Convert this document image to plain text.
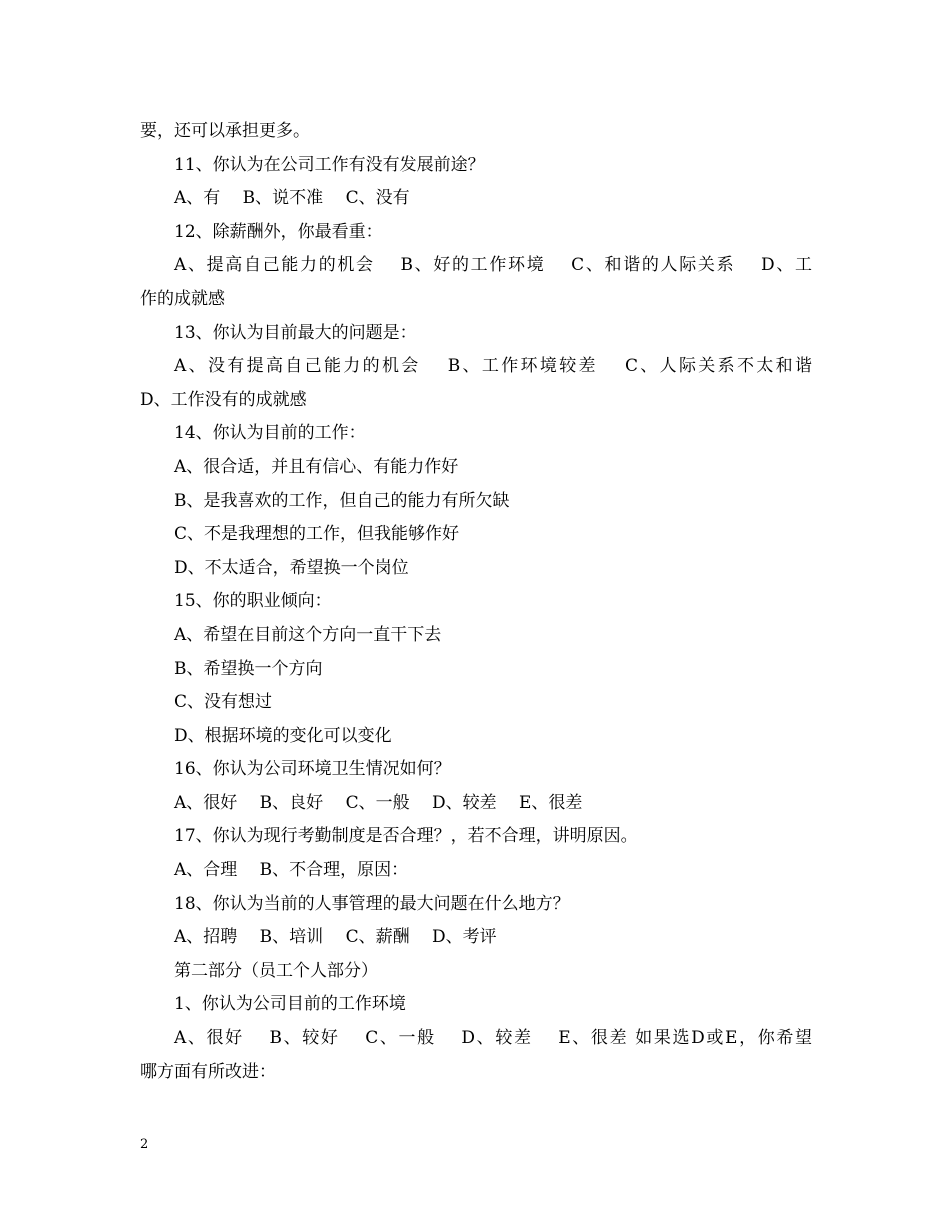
要，还可以承担更多。
11、你认为在公司工作有没有发展前途？
A、有　 B、说不准　 C、没有
12、除薪酬外，你最看重：
A、提高自己能力的机会　 B、好的工作环境　 C、和谐的人际关系　 D、工
作的成就感
13、你认为目前最大的问题是：
A、没有提高自己能力的机会　 B、工作环境较差　 C、人际关系不太和谐
D、工作没有的成就感
14、你认为目前的工作：
A、很合适，并且有信心、有能力作好
B、是我喜欢的工作，但自己的能力有所欠缺
C、不是我理想的工作，但我能够作好
D、不太适合，希望换一个岗位
15、你的职业倾向：
A、希望在目前这个方向一直干下去
B、希望换一个方向
C、没有想过
D、根据环境的变化可以变化
16、你认为公司环境卫生情况如何？
A、很好　 B、良好　 C、一般　 D、较差　 E、很差
17、你认为现行考勤制度是否合理？，若不合理，讲明原因。
A、合理　 B、不合理，原因：
18、你认为当前的人事管理的最大问题在什么地方？
A、招聘　 B、培训　 C、薪酬　 D、考评
第二部分（员工个人部分）
1、你认为公司目前的工作环境
A、很好　 B、较好　 C、一般　 D、较差　 E、很差 如果选D或E，你希望
哪方面有所改进：
2
